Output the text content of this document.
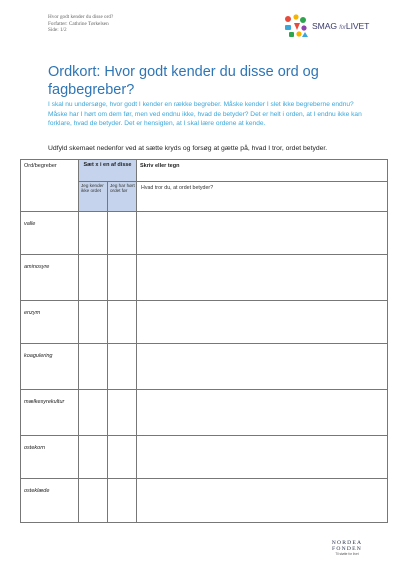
Hvor godt kender du disse ord?
Forfatter: Cathrine Tørkelsen
Side: 1/2	SMAG forLIVET
Ordkort: Hvor godt kender du disse ord og fagbegreber?

I skal nu undersøge, hvor godt I kender en række begreber. Måske kender I slet ikke begreberne endnu? Måske har I hørt om dem før, men ved endnu ikke, hvad de betyder? Det er helt i orden, at I endnu ikke kan forklare, hvad de betyder. Det er hensigten, at I skal lære ordene at kende.

Udfyld skemaet nedenfor ved at sætte kryds og forsøg at gætte på, hvad I tror, ordet betyder.

Ord/begreber	Sæt x i en af disse		Skriv eller tegn
	Jeg kender ikke ordet	Jeg har hørt ordet før	Hvad tror du, at ordet betyder?
valle			
aminosyre			
enzym			
koagulering			
mælkesyrekultur			
ostekorn			
osteklæde			
NORDEA
FONDEN
Til støtte for livet
